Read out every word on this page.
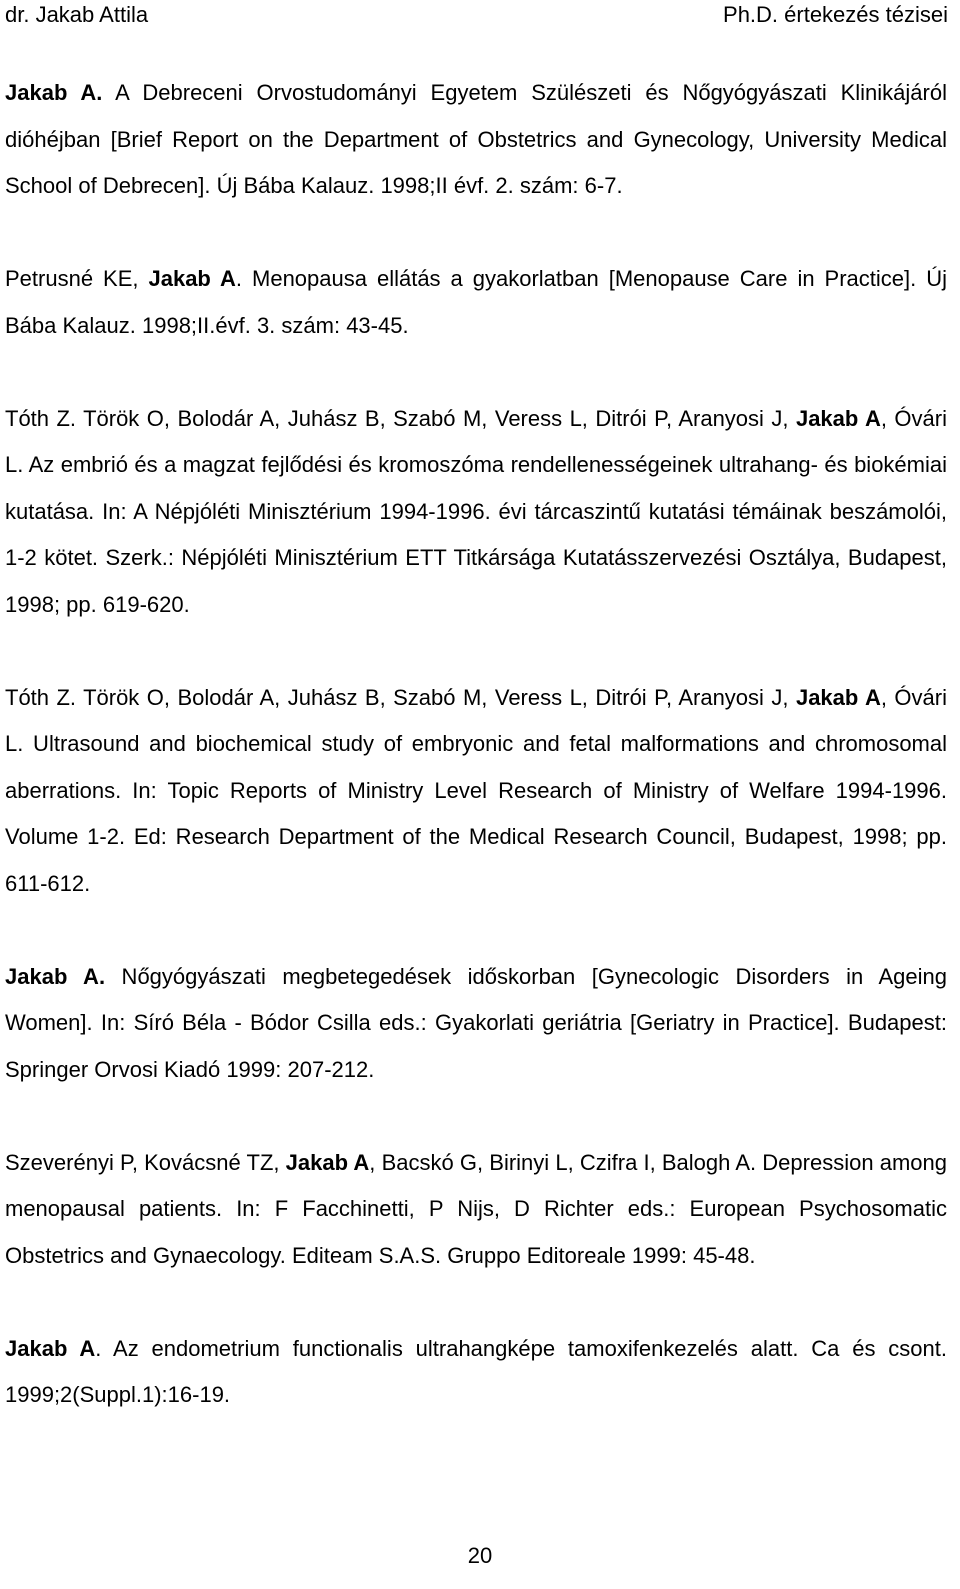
dr. Jakab Attila	Ph.D. értekezés tézisei

Jakab A. A Debreceni Orvostudományi Egyetem Szülészeti és Nőgyógyászati Klinikájáról dióhéjban [Brief Report on the Department of Obstetrics and Gynecology, University Medical School of Debrecen]. Új Bába Kalauz. 1998;II évf. 2. szám: 6-7.

Petrusné KE, Jakab A. Menopausa ellátás a gyakorlatban [Menopause Care in Practice]. Új Bába Kalauz. 1998;II.évf. 3. szám: 43-45.

Tóth Z. Török O, Bolodár A, Juhász B, Szabó M, Veress L, Ditrói P, Aranyosi J, Jakab A, Óvári L. Az embrió és a magzat fejlődési és kromoszóma rendellenességeinek ultrahang- és biokémiai kutatása. In: A Népjóléti Minisztérium 1994-1996. évi tárcaszintű kutatási témáinak beszámolói, 1-2 kötet. Szerk.: Népjóléti Minisztérium ETT Titkársága Kutatásszervezési Osztálya, Budapest, 1998; pp. 619-620.

Tóth Z. Török O, Bolodár A, Juhász B, Szabó M, Veress L, Ditrói P, Aranyosi J, Jakab A, Óvári L. Ultrasound and biochemical study of embryonic and fetal malformations and chromosomal aberrations. In: Topic Reports of Ministry Level Research of Ministry of Welfare 1994-1996. Volume 1-2. Ed: Research Department of the Medical Research Council, Budapest, 1998; pp. 611-612.

Jakab A. Nőgyógyászati megbetegedések időskorban [Gynecologic Disorders in Ageing Women]. In: Síró Béla - Bódor Csilla eds.: Gyakorlati geriátria [Geriatry in Practice]. Budapest: Springer Orvosi Kiadó 1999: 207-212.

Szeverényi P, Kovácsné TZ, Jakab A, Bacskó G, Birinyi L, Czifra I, Balogh A. Depression among menopausal patients. In: F Facchinetti, P Nijs, D Richter eds.: European Psychosomatic Obstetrics and Gynaecology. Editeam S.A.S. Gruppo Editoreale 1999: 45-48.

Jakab A. Az endometrium functionalis ultrahangképe tamoxifenkezelés alatt. Ca és csont. 1999;2(Suppl.1):16-19.

20
